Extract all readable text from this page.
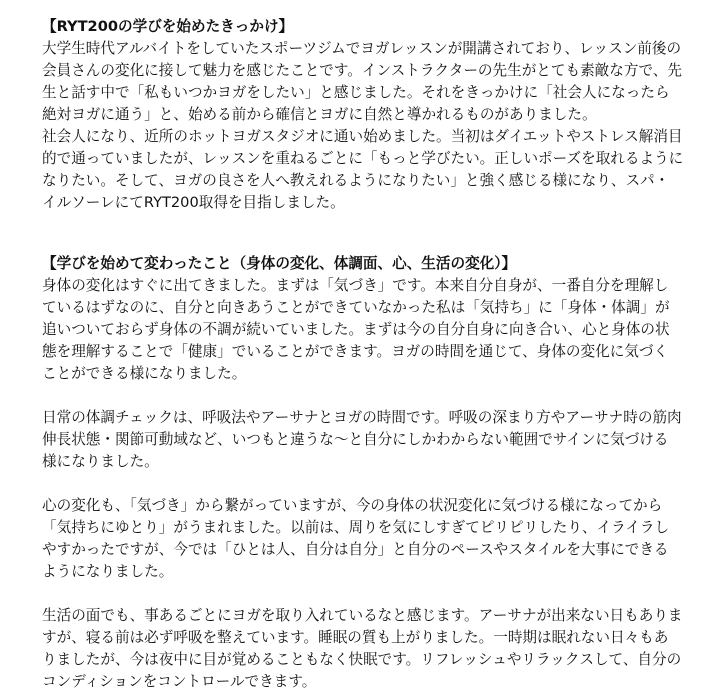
【RYT200の学びを始めたきっかけ】

大学生時代アルバイトをしていたスポーツジムでヨガレッスンが開講されており、レッスン前後の

会員さんの変化に接して魅力を感じたことです。インストラクターの先生がとても素敵な方で、先

生と話す中で「私もいつかヨガをしたい」と感じました。それをきっかけに「社会人になったら

絶対ヨガに通う」と、始める前から確信とヨガに自然と導かれるものがありました。

社会人になり、近所のホットヨガスタジオに通い始めました。当初はダイエットやストレス解消目

的で通っていましたが、レッスンを重ねるごとに「もっと学びたい。正しいポーズを取れるように

なりたい。そして、ヨガの良さを人へ教えれるようになりたい」と強く感じる様になり、スパ・

イルソーレにてRYT200取得を目指しました。

【学びを始めて変わったこと（身体の変化、体調面、心、生活の変化）】

身体の変化はすぐに出てきました。まずは「気づき」です。本来自分自身が、一番自分を理解し

ているはずなのに、自分と向きあうことができていなかった私は「気持ち」に「身体・体調」が

追いついておらず身体の不調が続いていました。まずは今の自分自身に向き合い、心と身体の状

態を理解することで「健康」でいることができます。ヨガの時間を通じて、身体の変化に気づく

ことができる様になりました。

日常の体調チェックは、呼吸法やアーサナとヨガの時間です。呼吸の深まり方やアーサナ時の筋肉

伸長状態・関節可動域など、いつもと違うな〜と自分にしかわからない範囲でサインに気づける

様になりました。

心の変化も、「気づき」から繋がっていますが、今の身体の状況変化に気づける様になってから

「気持ちにゆとり」がうまれました。以前は、周りを気にしすぎてピリピリしたり、イライラし

やすかったですが、今では「ひとは人、自分は自分」と自分のペースやスタイルを大事にできる

ようになりました。

生活の面でも、事あるごとにヨガを取り入れているなと感じます。アーサナが出来ない日もありま

すが、寝る前は必ず呼吸を整えています。睡眠の質も上がりました。一時期は眠れない日々もあ

りましたが、今は夜中に目が覚めることもなく快眠です。リフレッシュやリラックスして、自分の

コンディションをコントロールできます。
